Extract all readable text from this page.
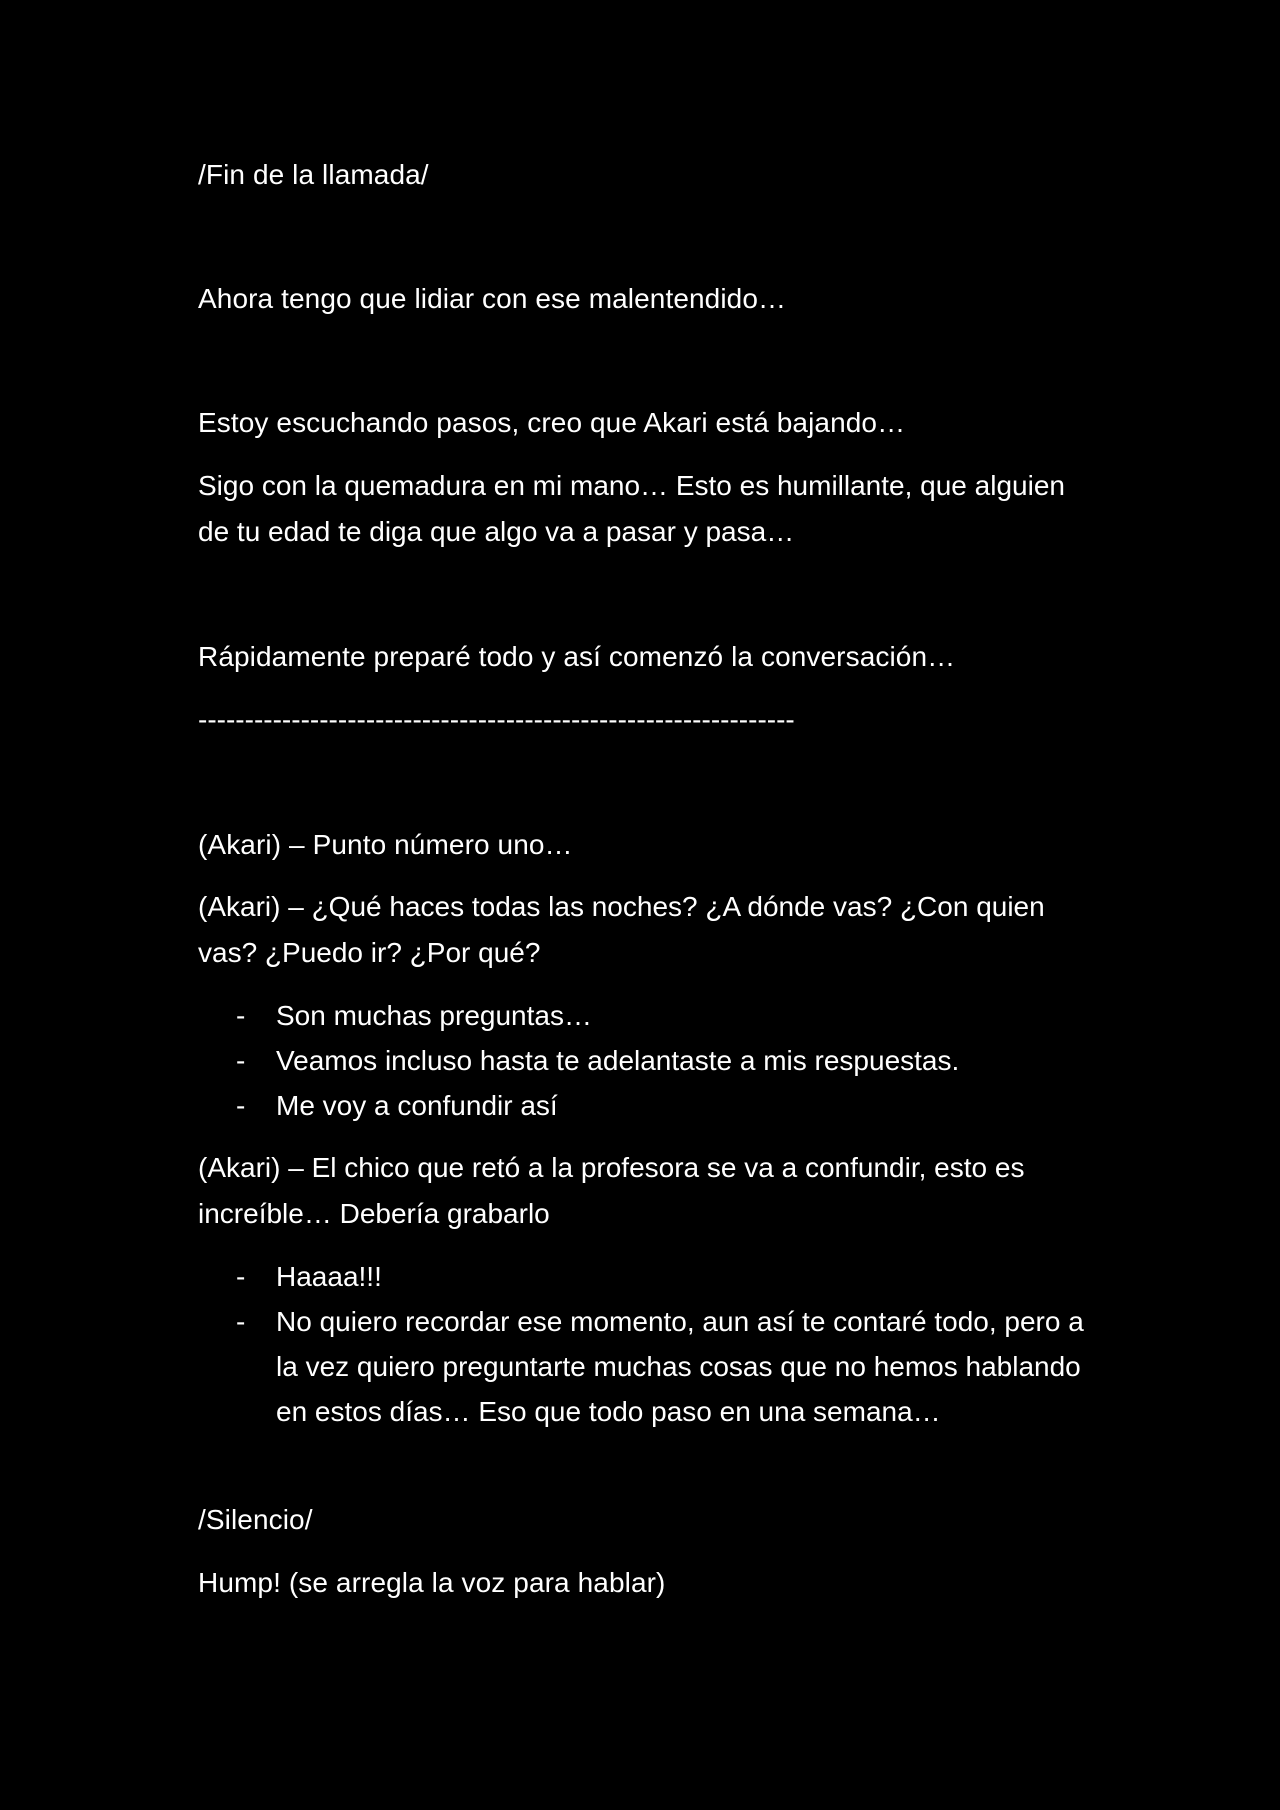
/Fin de la llamada/
Ahora tengo que lidiar con ese malentendido…
Estoy escuchando pasos, creo que Akari está bajando…
Sigo con la quemadura en mi mano… Esto es humillante, que alguien de tu edad te diga que algo va a pasar y pasa…
Rápidamente preparé todo y así comenzó la conversación…
----------------------------------------------------------------
(Akari) – Punto número uno…
(Akari) – ¿Qué haces todas las noches? ¿A dónde vas? ¿Con quien vas? ¿Puedo ir? ¿Por qué?
- Son muchas preguntas…
- Veamos incluso hasta te adelantaste a mis respuestas.
- Me voy a confundir así
(Akari) – El chico que retó a la profesora se va a confundir, esto es increíble… Debería grabarlo
- Haaaa!!!
- No quiero recordar ese momento, aun así te contaré todo, pero a la vez quiero preguntarte muchas cosas que no hemos hablando en estos días… Eso que todo paso en una semana…
/Silencio/
Hump! (se arregla la voz para hablar)
